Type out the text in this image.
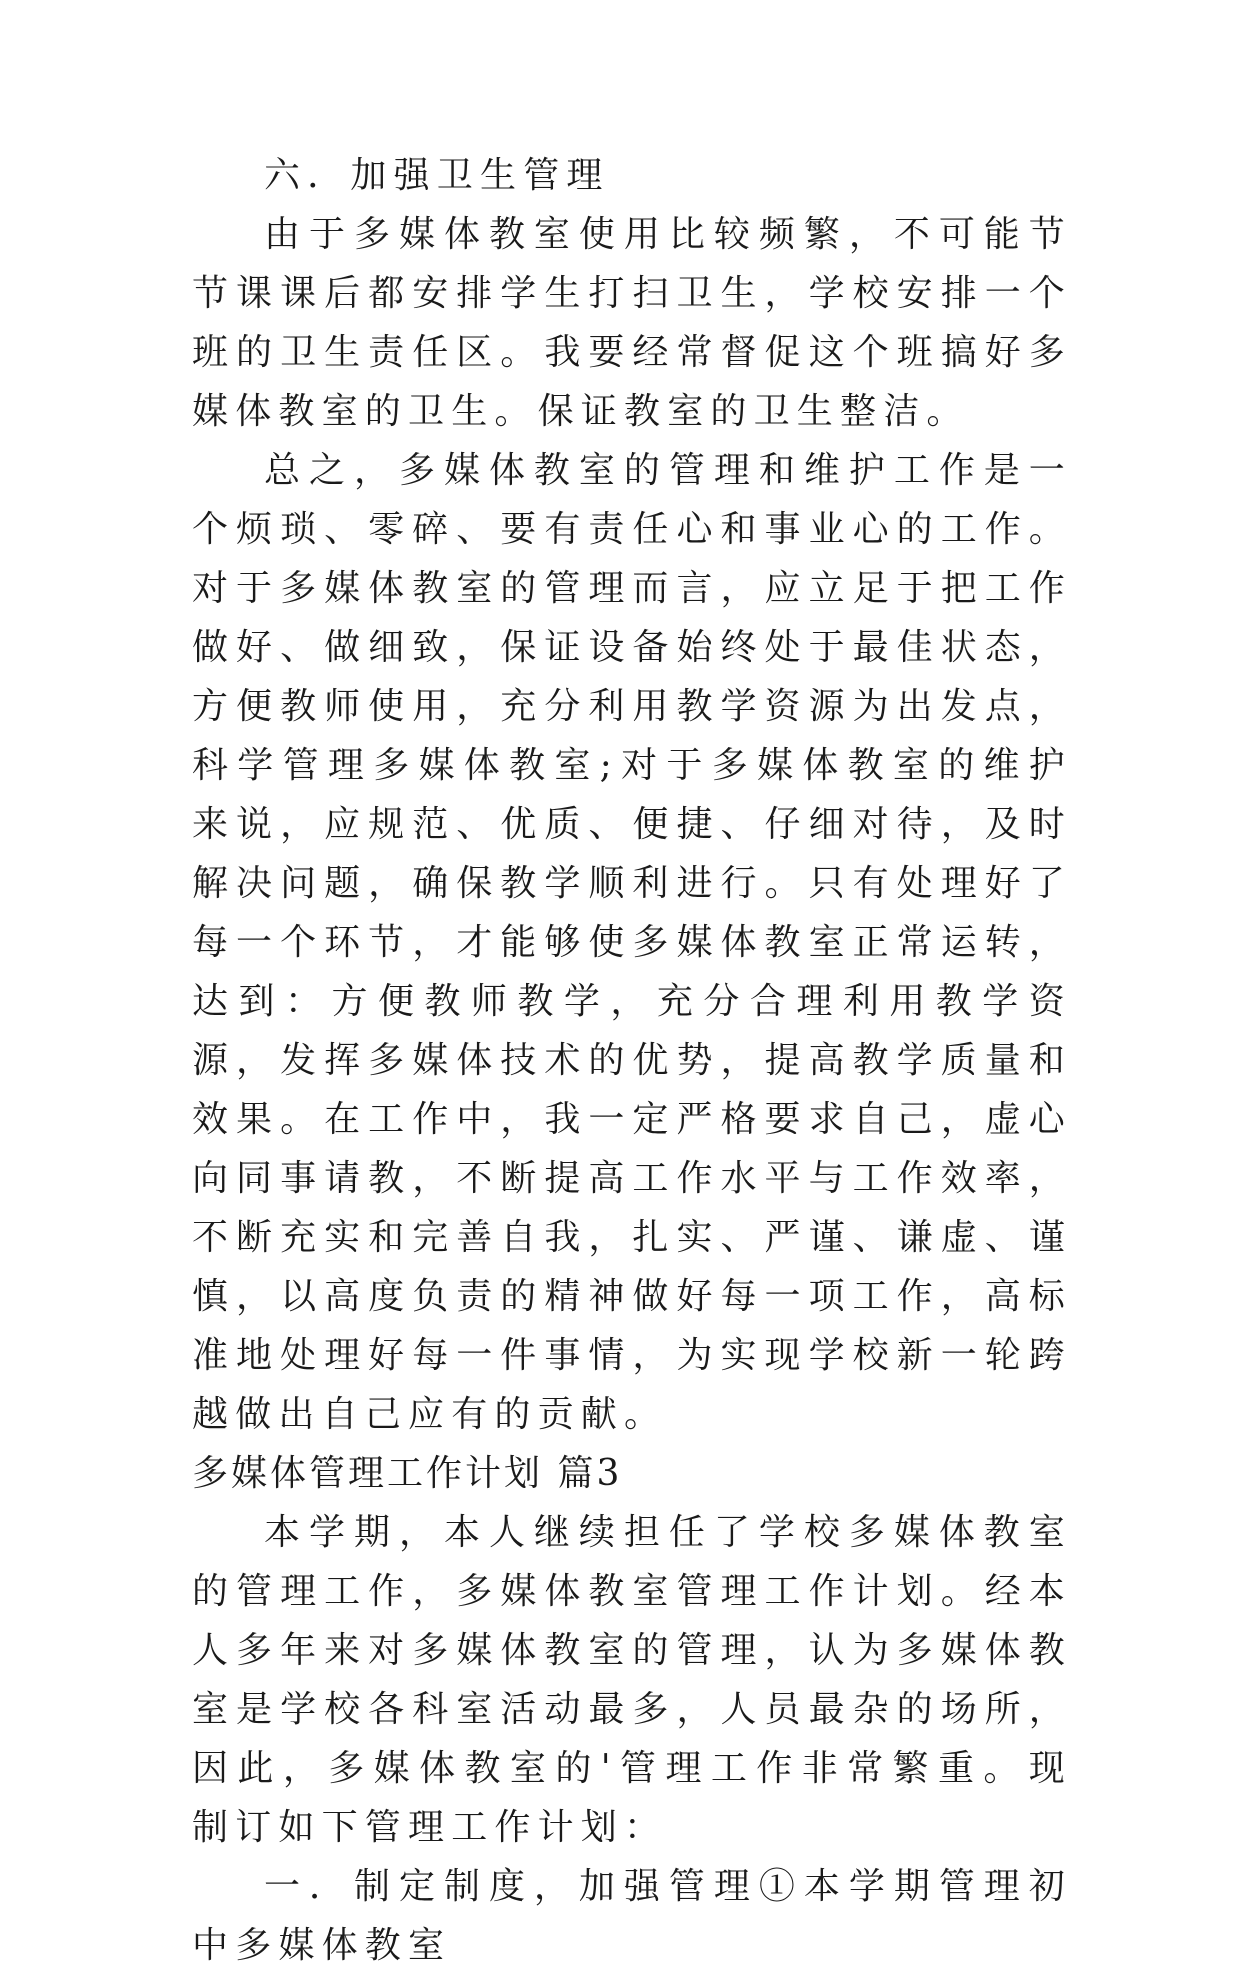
六．加强卫生管理

由于多媒体教室使用比较频繁，不可能节节课课后都安排学生打扫卫生，学校安排一个班的卫生责任区。我要经常督促这个班搞好多媒体教室的卫生。保证教室的卫生整洁。

总之，多媒体教室的管理和维护工作是一个烦琐、零碎、要有责任心和事业心的工作。对于多媒体教室的管理而言，应立足于把工作做好、做细致，保证设备始终处于最佳状态，方便教师使用，充分利用教学资源为出发点，科学管理多媒体教室;对于多媒体教室的维护来说，应规范、优质、便捷、仔细对待，及时解决问题，确保教学顺利进行。只有处理好了每一个环节，才能够使多媒体教室正常运转，达到：方便教师教学，充分合理利用教学资源，发挥多媒体技术的优势，提高教学质量和效果。在工作中，我一定严格要求自己，虚心向同事请教，不断提高工作水平与工作效率，不断充实和完善自我，扎实、严谨、谦虚、谨慎，以高度负责的精神做好每一项工作，高标准地处理好每一件事情，为实现学校新一轮跨越做出自己应有的贡献。

多媒体管理工作计划 篇3

本学期，本人继续担任了学校多媒体教室的管理工作，多媒体教室管理工作计划。经本人多年来对多媒体教室的管理，认为多媒体教室是学校各科室活动最多，人员最杂的场所，因此，多媒体教室的'管理工作非常繁重。现制订如下管理工作计划：

一．制定制度，加强管理①本学期管理初中多媒体教室
